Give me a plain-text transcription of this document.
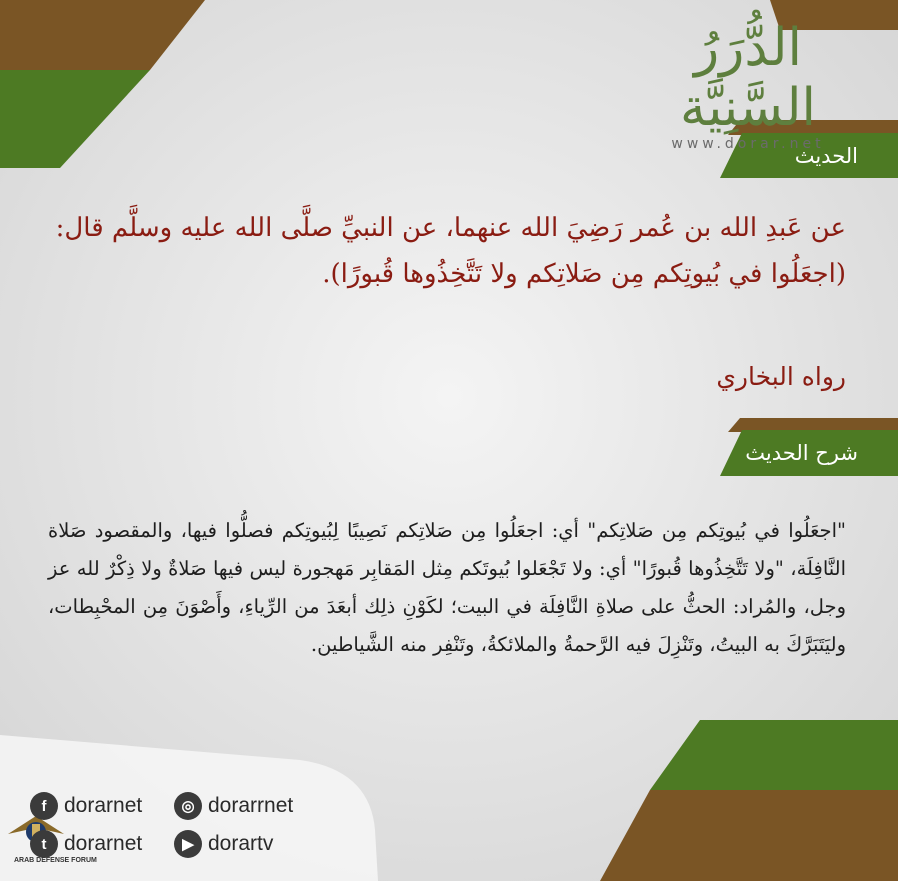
الدُّرَرُ السَّنِيَّة
www.dorar.net
الحديث
عن عَبدِ الله بن عُمر رَضِيَ الله عنهما، عن النبيِّ صلَّى الله عليه وسلَّم قال:
(اجعَلُوا في بُيوتِكم مِن صَلاتِكم ولا تَتَّخِذُوها قُبورًا).
رواه البخاري
شرح الحديث
"اجعَلُوا في بُيوتِكم مِن صَلاتِكم" أي: اجعَلُوا مِن صَلاتِكم نَصِيبًا لِبُيوتِكم فصلُّوا فيها، والمقصود صَلاة النَّافِلَة، "ولا تَتَّخِذُوها قُبورًا" أي: ولا تَجْعَلوا بُيوتَكم مِثل المَقابِر مَهجورة ليس فيها صَلاةٌ ولا ذِكْرٌ لله عز وجل، والمُراد: الحثُّ على صلاةِ النَّافِلَة في البيت؛ لكَوْنِ ذلِك أبعَدَ من الرِّياءِ، وأَصْوَنَ مِن المحْبِطات، وليَتَبَرَّكَ به البيتُ، وتَنْزِلَ فيه الرَّحمةُ والملائكةُ، وتَنْفِر منه الشَّياطين.
f dorarnet	◎ dorarrnet
t dorarnet	▶ dorartv
ARAB DEFENSE FORUM
